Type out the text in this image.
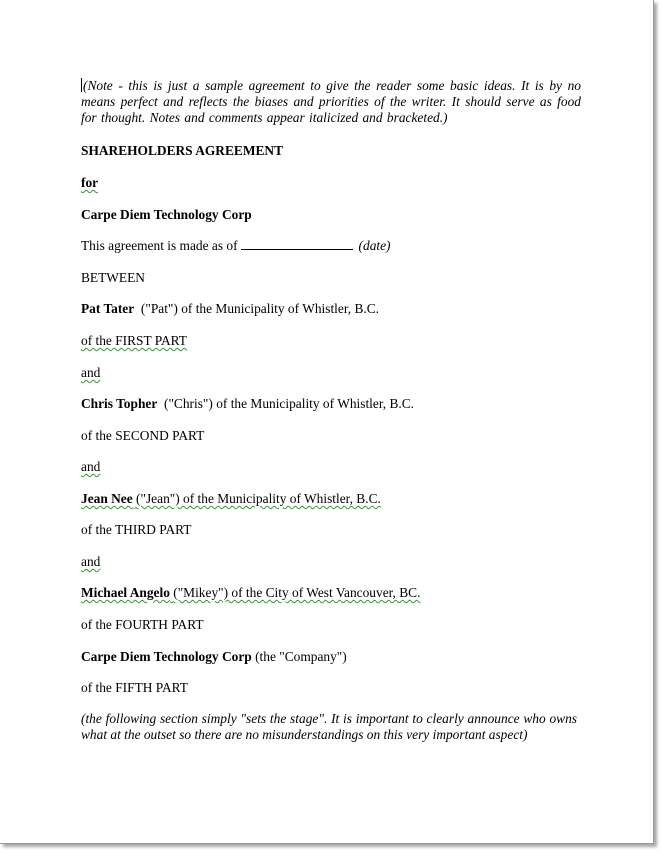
(Note - this is just a sample agreement to give the reader some basic ideas. It is by no means perfect and reflects the biases and priorities of the writer. It should serve as food for thought. Notes and comments appear italicized and bracketed.)
SHAREHOLDERS AGREEMENT
for
Carpe Diem Technology Corp
This agreement is made as of	(date)
BETWEEN
Pat Tater ("Pat") of the Municipality of Whistler, B.C.
of the FIRST PART
and
Chris Topher ("Chris") of the Municipality of Whistler, B.C.
of the SECOND PART
and
Jean Nee ("Jean") of the Municipality of Whistler, B.C.
of the THIRD PART
and
Michael Angelo ("Mikey") of the City of West Vancouver, BC.
of the FOURTH PART
Carpe Diem Technology Corp (the "Company")
of the FIFTH PART
(the following section simply "sets the stage". It is important to clearly announce who owns what at the outset so there are no misunderstandings on this very important aspect)
